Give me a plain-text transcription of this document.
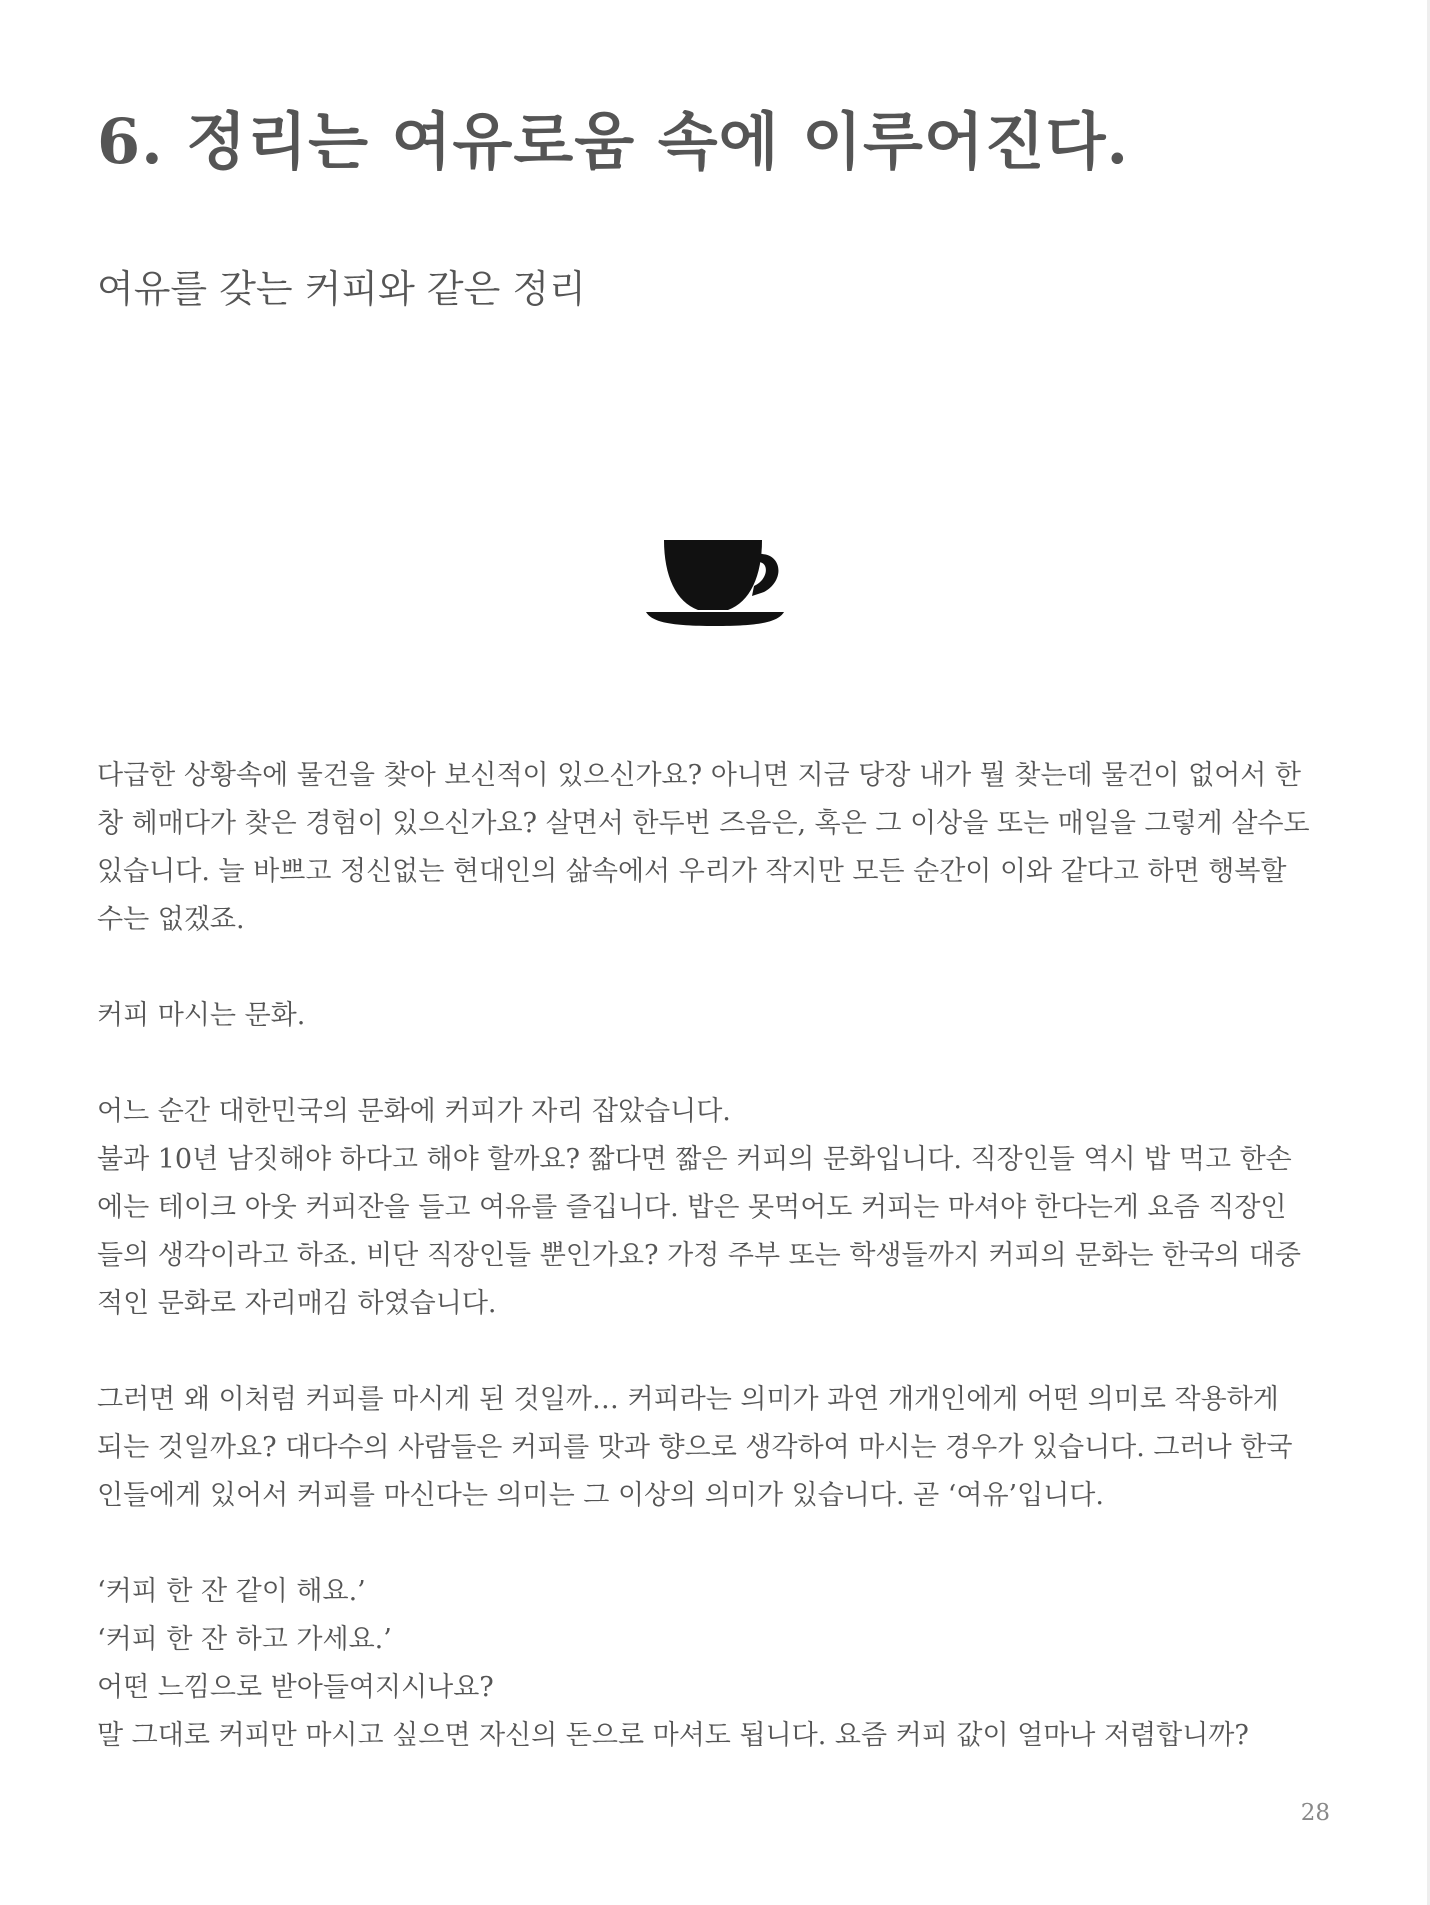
6. 정리는 여유로움 속에 이루어진다.
여유를 갖는 커피와 같은 정리

다급한 상황속에 물건을 찾아 보신적이 있으신가요? 아니면 지금 당장 내가 뭘 찾는데 물건이 없어서 한
창 헤매다가 찾은 경험이 있으신가요? 살면서 한두번 즈음은, 혹은 그 이상을 또는 매일을 그렇게 살수도
있습니다. 늘 바쁘고 정신없는 현대인의 삶속에서 우리가 작지만 모든 순간이 이와 같다고 하면 행복할
수는 없겠죠.

커피 마시는 문화.

어느 순간 대한민국의 문화에 커피가 자리 잡았습니다.
불과 10년 남짓해야 하다고 해야 할까요? 짧다면 짧은 커피의 문화입니다. 직장인들 역시 밥 먹고 한손
에는 테이크 아웃 커피잔을 들고 여유를 즐깁니다. 밥은 못먹어도 커피는 마셔야 한다는게 요즘 직장인
들의 생각이라고 하죠. 비단 직장인들 뿐인가요? 가정 주부 또는 학생들까지 커피의 문화는 한국의 대중
적인 문화로 자리매김 하였습니다.

그러면 왜 이처럼 커피를 마시게 된 것일까… 커피라는 의미가 과연 개개인에게 어떤 의미로 작용하게
되는 것일까요? 대다수의 사람들은 커피를 맛과 향으로 생각하여 마시는 경우가 있습니다. 그러나 한국
인들에게 있어서 커피를 마신다는 의미는 그 이상의 의미가 있습니다. 곧 ‘여유’입니다.

‘커피 한 잔 같이 해요.’
‘커피 한 잔 하고 가세요.’
어떤 느낌으로 받아들여지시나요?
말 그대로 커피만 마시고 싶으면 자신의 돈으로 마셔도 됩니다. 요즘 커피 값이 얼마나 저렴합니까?

28
